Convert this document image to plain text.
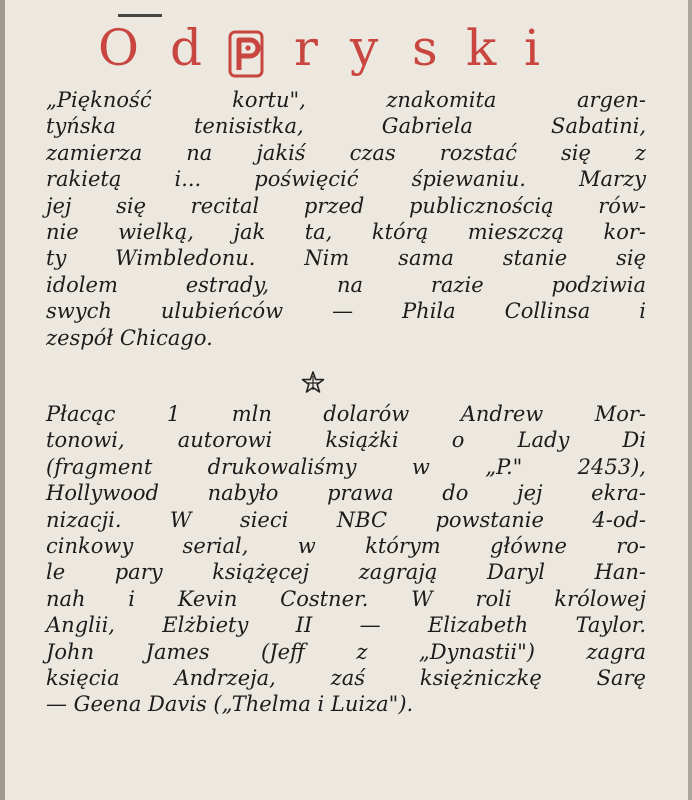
O d r y s k i
„Piękność kortu", znakomita argen-
tyńska tenisistka, Gabriela Sabatini,
zamierza na jakiś czas rozstać się z
rakietą i... poświęcić śpiewaniu. Marzy
jej się recital przed publicznością rów-
nie wielką, jak ta, którą mieszczą kor-
ty Wimbledonu. Nim sama stanie się
idolem estrady, na razie podziwia
swych ulubieńców — Phila Collinsa i
zespół Chicago.
Płacąc 1 mln dolarów Andrew Mor-
tonowi, autorowi książki o Lady Di
(fragment drukowaliśmy w „P." 2453),
Hollywood nabyło prawa do jej ekra-
nizacji. W sieci NBC powstanie 4-od-
cinkowy serial, w którym główne ro-
le pary książęcej zagrają Daryl Han-
nah i Kevin Costner. W roli królowej
Anglii, Elżbiety II — Elizabeth Taylor.
John James (Jeff z „Dynastii") zagra
księcia Andrzeja, zaś księżniczkę Sarę
— Geena Davis („Thelma i Luiza").
